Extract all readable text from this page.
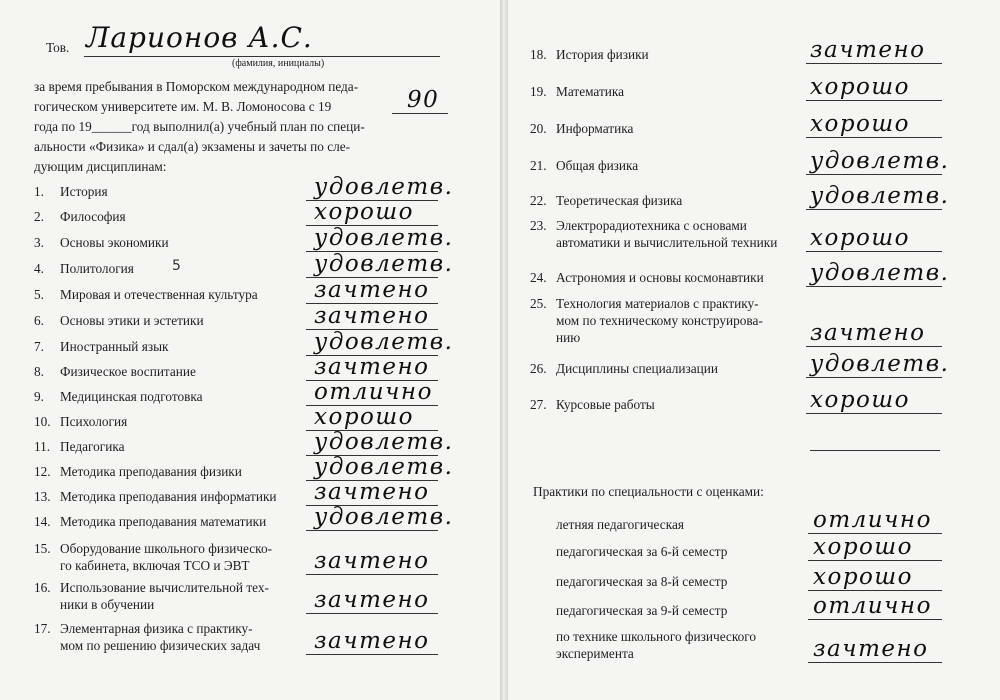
Тов. Ларионов А.С.
(фамилия, инициалы)
за время пребывания в Поморском международном педа-
гогическом университете им. М. В. Ломоносова с 19	90
года по 19______год выполнил(а) учебный план по специ-
альности «Физика» и сдал(а) экзамены и зачеты по сле-
дующим дисциплинам:
5
1. История	удовлетв.
2. Философия	хорошо
3. Основы экономики	удовлетв.
4. Политология	удовлетв.
5. Мировая и отечественная культура зачтено
6. Основы этики и эстетики	зачтено
7. Иностранный язык	удовлетв.
8. Физическое воспитание	зачтено
9. Медицинская подготовка	отлично
10. Психология	хорошо
11. Педагогика	удовлетв.
12. Методика преподавания физики	удовлетв.
13. Методика преподавания информатики зачтено
14. Методика преподавания математики удовлетв.
15. Оборудование школьного физическо-
го кабинета, включая ТСО и ЭВТ	зачтено
16. Использование вычислительной тех-
ники в обучении	зачтено
17. Элементарная физика с практику-
мом по решению физических задач зачтено
18. История физики	зачтено
19. Математика	хорошо
20. Информатика	хорошо
21. Общая физика	удовлетв.
22. Теоретическая физика	удовлетв.
23. Электрорадиотехника с основами
автоматики и вычислительной техники хорошо
24. Астрономия и основы космонавтики удовлетв.
25. Технология материалов с практику-
мом по техническому конструирова-
нию	зачтено
26. Дисциплины специализации	удовлетв.
27. Курсовые работы	хорошо
Практики по специальности с оценками:
летняя педагогическая	отлично
педагогическая за 6-й семестр	хорошо
педагогическая за 8-й семестр	хорошо
педагогическая за 9-й семестр	отлично
по технике школьного физического
эксперимента	зачтено
